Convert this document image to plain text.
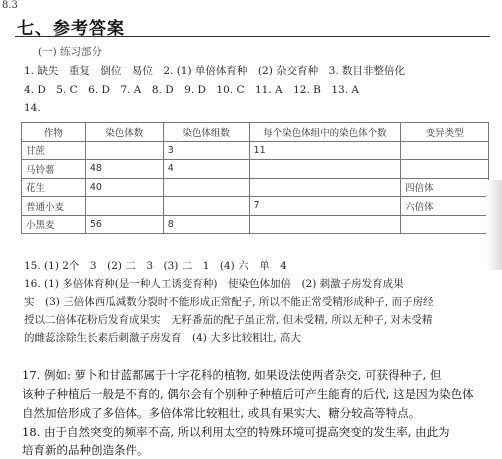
8.3
七、参考答案
(一) 练习部分
1. 缺失　重复　倒位　易位　2. (1) 单倍体育种　(2) 杂交育种　3. 数目非整倍化
4. D　5. C　6. D　7. A　8. D　9. D　10. C　11. A　12. B　13. A
14.
作物	染色体数	染色体组数	每个染色体组中的染色体个数	变异类型
甘蔗		3	11	
马铃薯	48	4		
花生	40			四倍体
普通小麦			7	六倍体
小黑麦	56	8		
15. (1) 2个　3　(2) 二　3　(3) 二　1　(4) 六　单　4
16. (1) 多倍体育种(是一种人工诱变育种)　使染色体加倍　(2) 刺激子房发育成果
实　(3) 三倍体西瓜减数分裂时不能形成正常配子, 所以不能正常受精形成种子, 而子房经
授以二倍体花粉后发育成果实　无籽番茄的配子虽正常, 但未受精, 所以无种子, 对未受精
的雌蕊涂除生长素后刺激子房发育　(4) 大多比较粗壮, 高大
17. 例如: 萝卜和甘蓝都属于十字花科的植物, 如果设法使两者杂交, 可获得种子, 但
该种子种植后一般是不育的, 偶尔会有个别种子种植后可产生能育的后代, 这是因为染色体
自然加倍形成了多倍体。多倍体常比较粗壮, 或具有果实大、糖分较高等特点。
18. 由于自然突变的频率不高, 所以利用太空的特殊环境可提高突变的发生率, 由此为
培育新的品种创造条件。
